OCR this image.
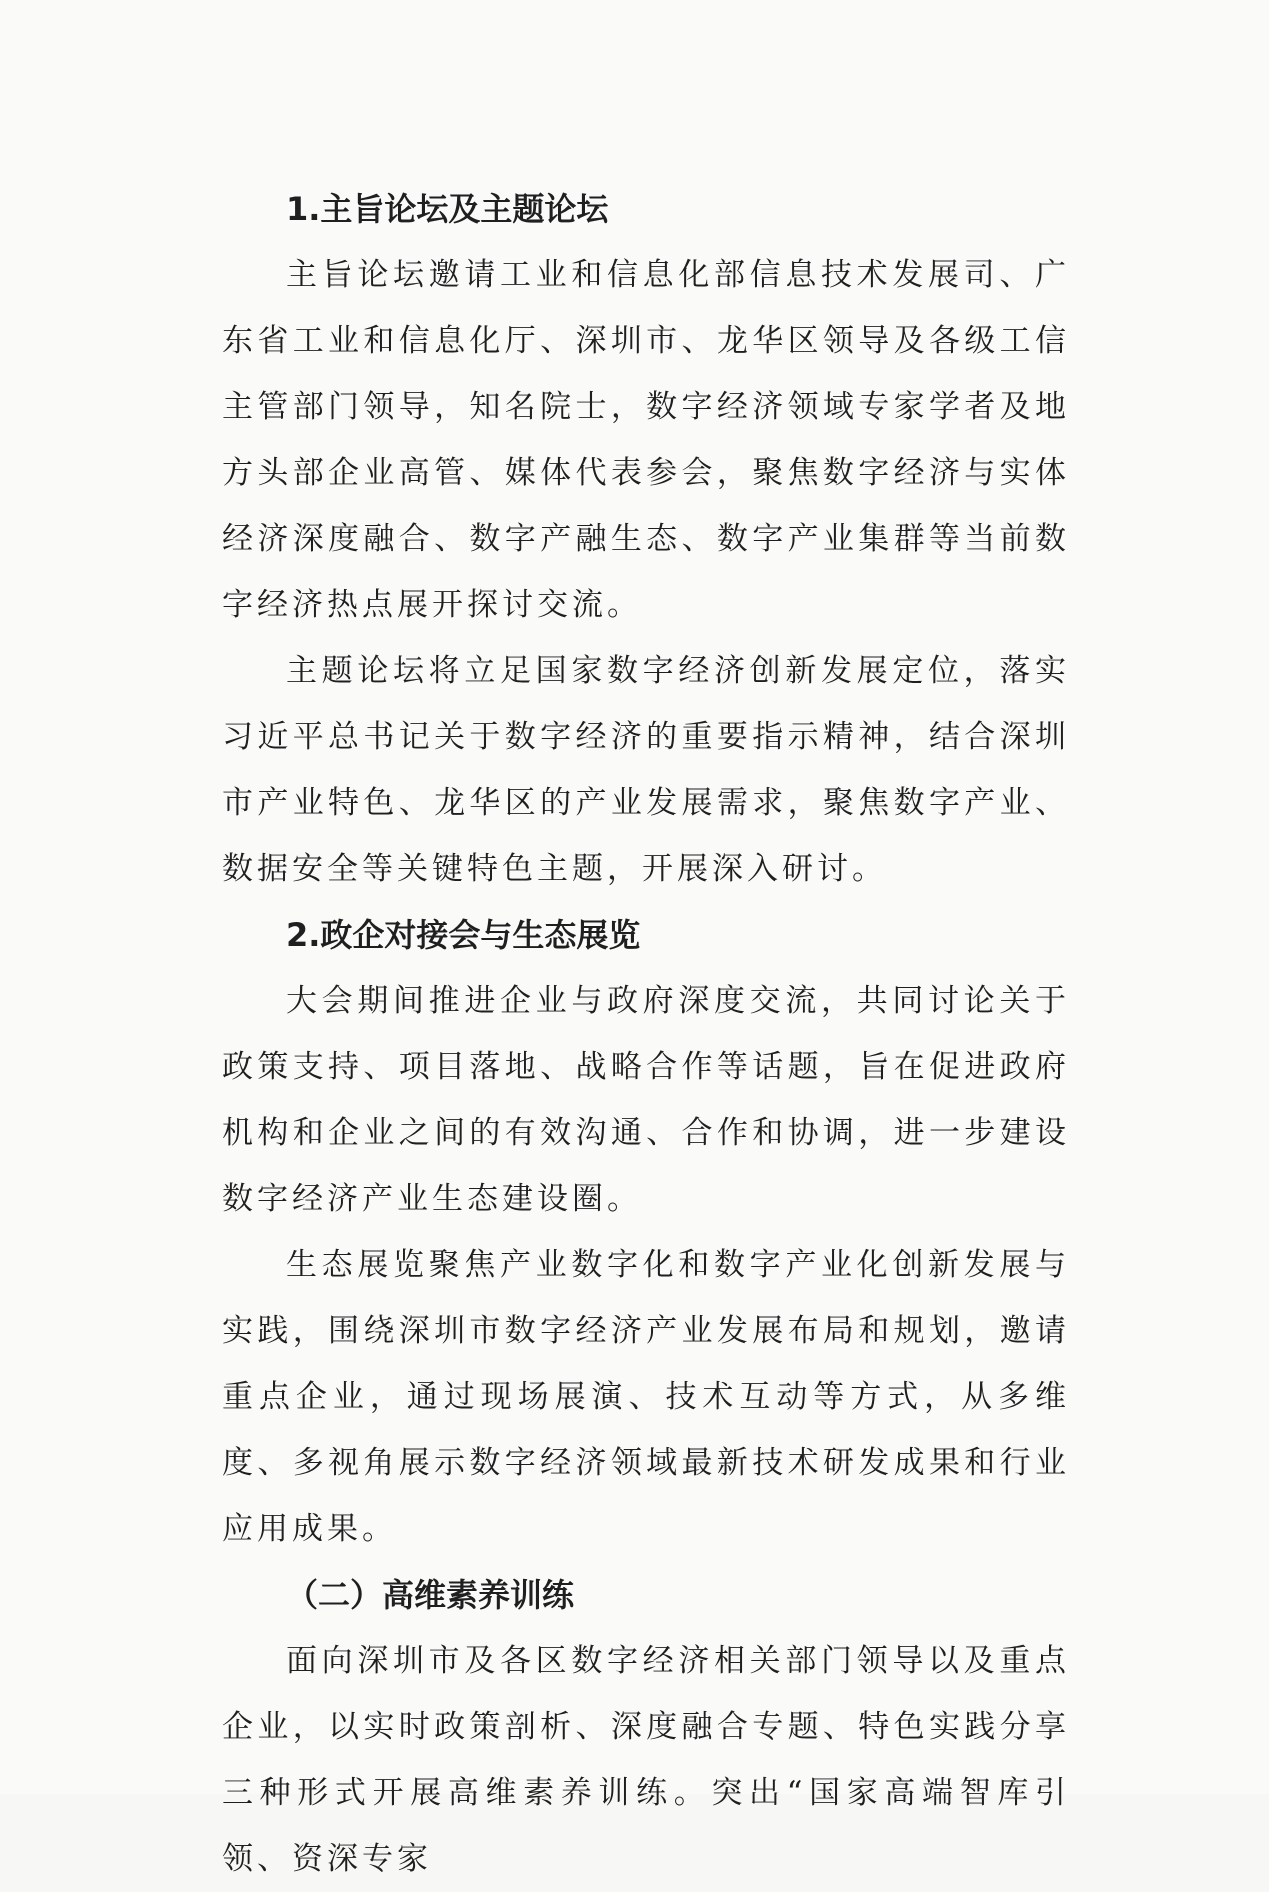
1.主旨论坛及主题论坛

主旨论坛邀请工业和信息化部信息技术发展司、广东省工业和信息化厅、深圳市、龙华区领导及各级工信主管部门领导，知名院士，数字经济领域专家学者及地方头部企业高管、媒体代表参会，聚焦数字经济与实体经济深度融合、数字产融生态、数字产业集群等当前数字经济热点展开探讨交流。

主题论坛将立足国家数字经济创新发展定位，落实习近平总书记关于数字经济的重要指示精神，结合深圳市产业特色、龙华区的产业发展需求，聚焦数字产业、数据安全等关键特色主题，开展深入研讨。

2.政企对接会与生态展览

大会期间推进企业与政府深度交流，共同讨论关于政策支持、项目落地、战略合作等话题，旨在促进政府机构和企业之间的有效沟通、合作和协调，进一步建设数字经济产业生态建设圈。

生态展览聚焦产业数字化和数字产业化创新发展与实践，围绕深圳市数字经济产业发展布局和规划，邀请重点企业，通过现场展演、技术互动等方式，从多维度、多视角展示数字经济领域最新技术研发成果和行业应用成果。

（二）高维素养训练

面向深圳市及各区数字经济相关部门领导以及重点企业，以实时政策剖析、深度融合专题、特色实践分享三种形式开展高维素养训练。突出“国家高端智库引领、资深专家
